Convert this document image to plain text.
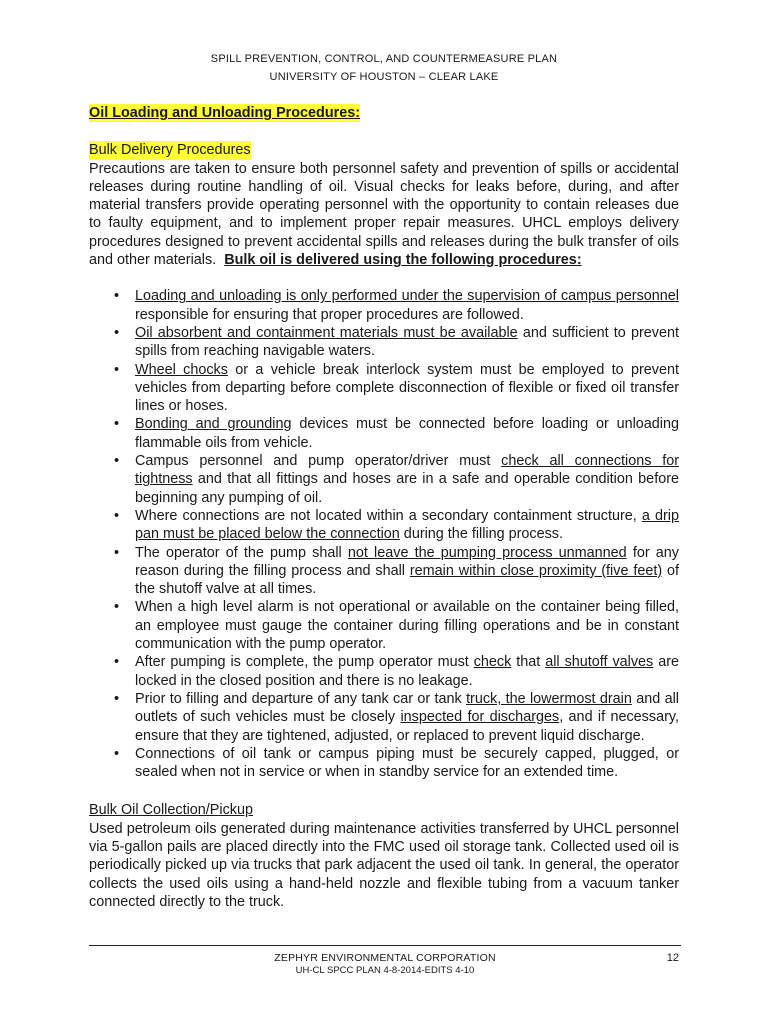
SPILL PREVENTION, CONTROL, AND COUNTERMEASURE PLAN
UNIVERSITY OF HOUSTON – CLEAR LAKE
Oil Loading and Unloading Procedures:
Bulk Delivery Procedures
Precautions are taken to ensure both personnel safety and prevention of spills or accidental releases during routine handling of oil. Visual checks for leaks before, during, and after material transfers provide operating personnel with the opportunity to contain releases due to faulty equipment, and to implement proper repair measures. UHCL employs delivery procedures designed to prevent accidental spills and releases during the bulk transfer of oils and other materials. Bulk oil is delivered using the following procedures:
• Loading and unloading is only performed under the supervision of campus personnel responsible for ensuring that proper procedures are followed.
• Oil absorbent and containment materials must be available and sufficient to prevent spills from reaching navigable waters.
• Wheel chocks or a vehicle break interlock system must be employed to prevent vehicles from departing before complete disconnection of flexible or fixed oil transfer lines or hoses.
• Bonding and grounding devices must be connected before loading or unloading flammable oils from vehicle.
• Campus personnel and pump operator/driver must check all connections for tightness and that all fittings and hoses are in a safe and operable condition before beginning any pumping of oil.
• Where connections are not located within a secondary containment structure, a drip pan must be placed below the connection during the filling process.
• The operator of the pump shall not leave the pumping process unmanned for any reason during the filling process and shall remain within close proximity (five feet) of the shutoff valve at all times.
• When a high level alarm is not operational or available on the container being filled, an employee must gauge the container during filling operations and be in constant communication with the pump operator.
• After pumping is complete, the pump operator must check that all shutoff valves are locked in the closed position and there is no leakage.
• Prior to filling and departure of any tank car or tank truck, the lowermost drain and all outlets of such vehicles must be closely inspected for discharges, and if necessary, ensure that they are tightened, adjusted, or replaced to prevent liquid discharge.
• Connections of oil tank or campus piping must be securely capped, plugged, or sealed when not in service or when in standby service for an extended time.
Bulk Oil Collection/Pickup
Used petroleum oils generated during maintenance activities transferred by UHCL personnel via 5-gallon pails are placed directly into the FMC used oil storage tank. Collected used oil is periodically picked up via trucks that park adjacent the used oil tank. In general, the operator collects the used oils using a hand-held nozzle and flexible tubing from a vacuum tanker connected directly to the truck.
ZEPHYR ENVIRONMENTAL CORPORATION
UH-CL SPCC PLAN 4-8-2014-EDITS 4-10
12
